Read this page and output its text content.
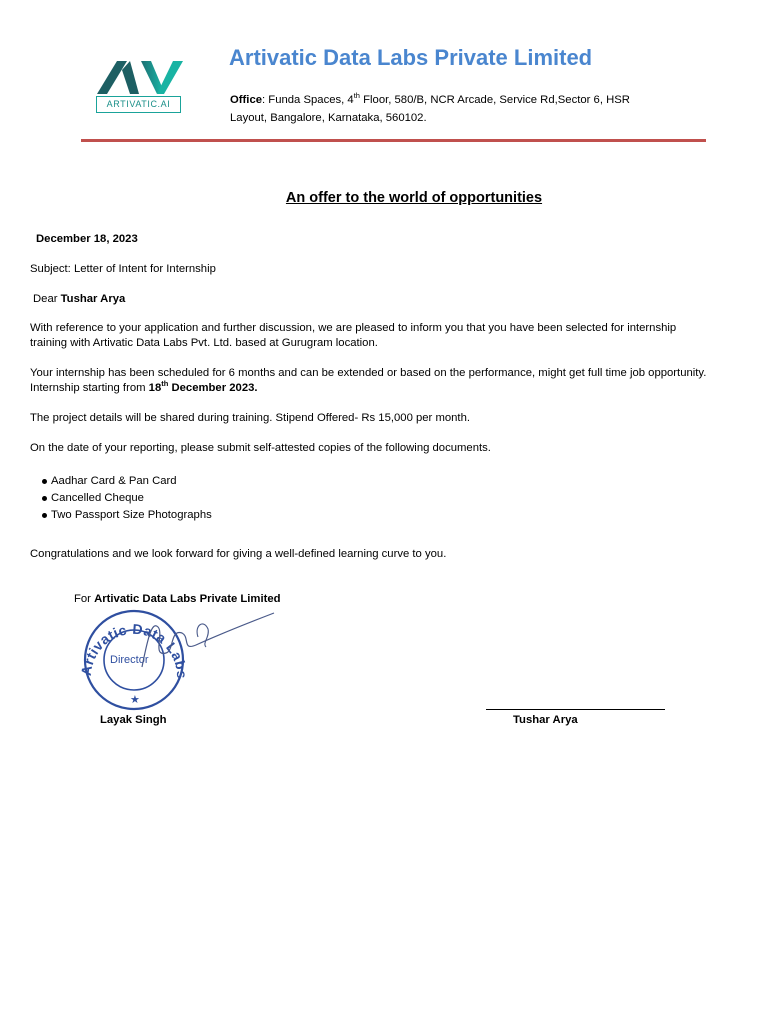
ARTIVATIC.AI
Artivatic Data Labs Private Limited
Office: Funda Spaces, 4th Floor, 580/B, NCR Arcade, Service Rd,Sector 6, HSR
Layout, Bangalore, Karnataka, 560102.
An offer to the world of opportunities
December 18, 2023
Subject: Letter of Intent for Internship
Dear Tushar Arya
With reference to your application and further discussion, we are pleased to inform you that you have been selected for internship
training with Artivatic Data Labs Pvt. Ltd. based at Gurugram location.
Your internship has been scheduled for 6 months and can be extended or based on the performance, might get full time job opportunity.
Internship starting from 18th December 2023.
The project details will be shared during training. Stipend Offered- Rs 15,000 per month.
On the date of your reporting, please submit self-attested copies of the following documents.
Aadhar Card & Pan Card
Cancelled Cheque
Two Passport Size Photographs
Congratulations and we look forward for giving a well-defined learning curve to you.
For Artivatic Data Labs Private Limited
Artivatic Data Labs
Director
★
Layak Singh	Tushar Arya
